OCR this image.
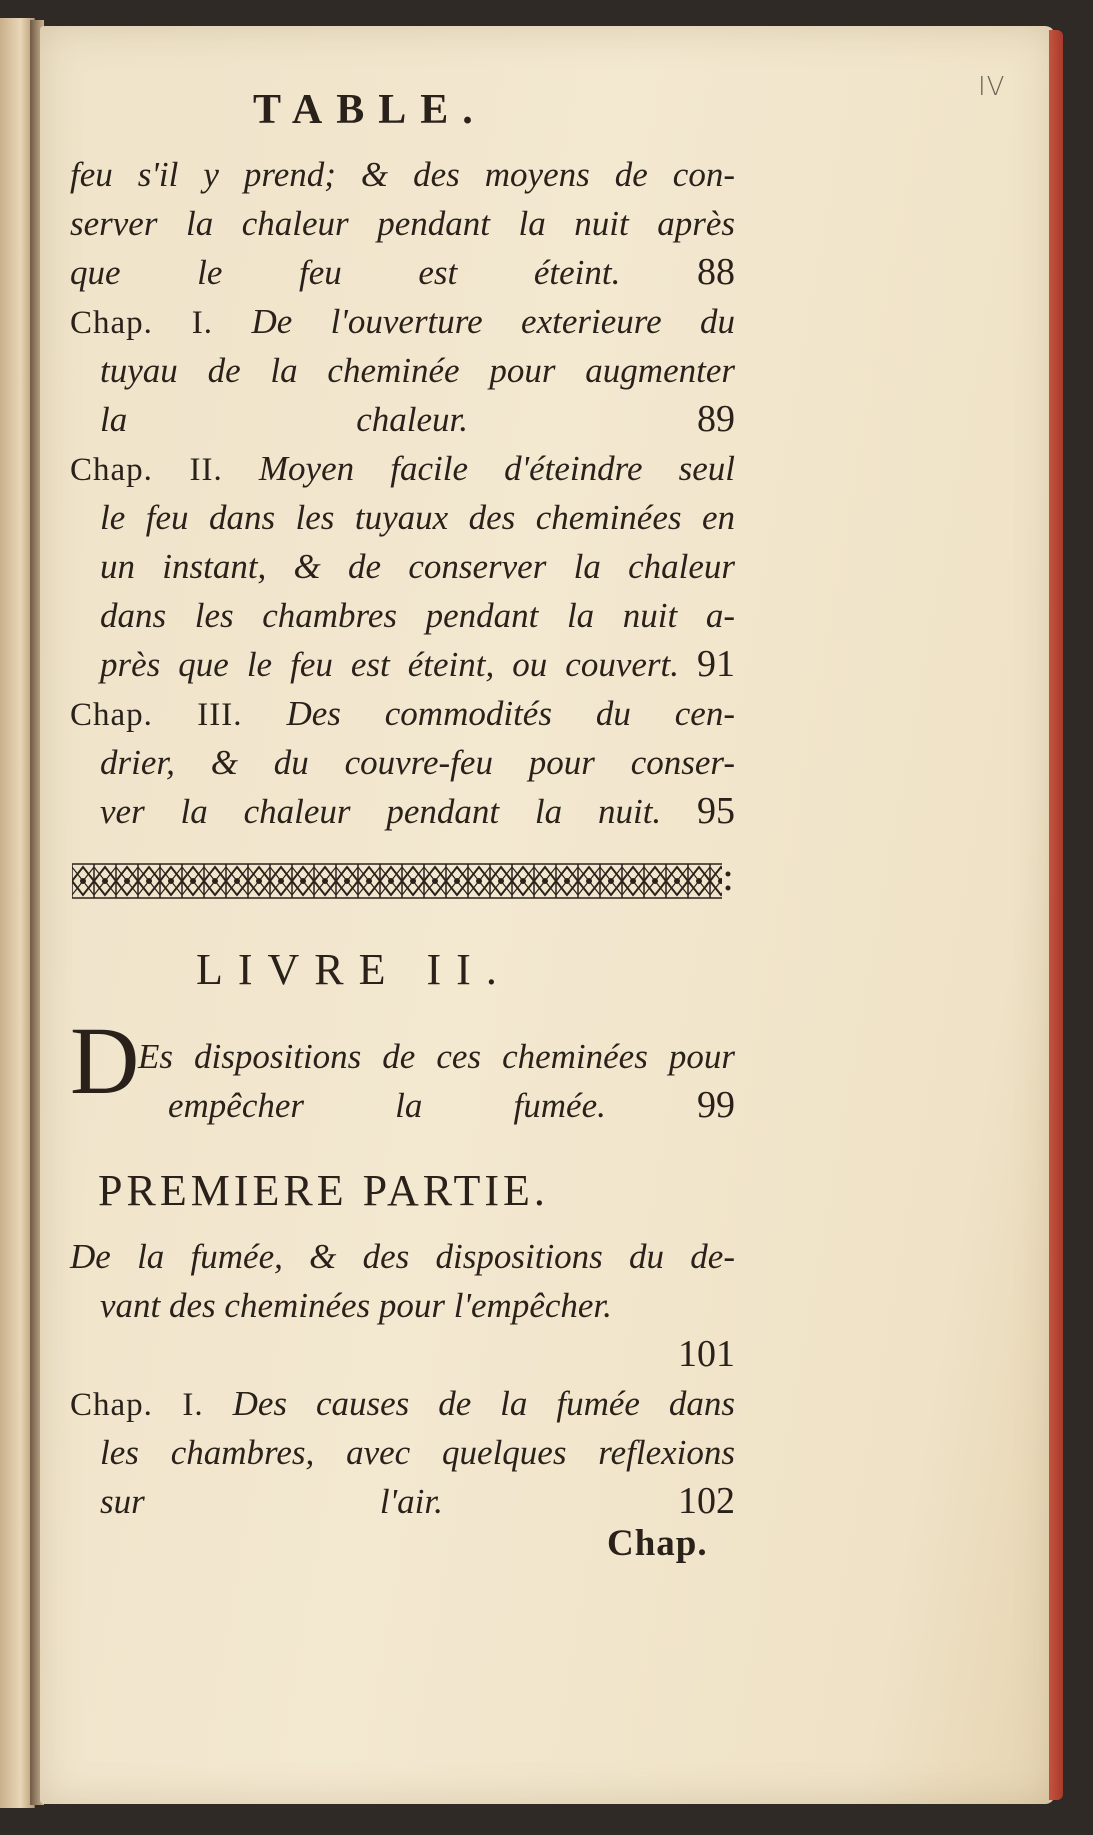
IV
TABLE.
feu s'il y prend; & des moyens de con-
server la chaleur pendant la nuit après
que le feu est éteint. 88
Chap. I. De l'ouverture exterieure du
tuyau de la cheminée pour augmenter
la chaleur.	89
Chap. II. Moyen facile d'éteindre seul
le feu dans les tuyaux des cheminées en
un instant, & de conserver la chaleur
dans les chambres pendant la nuit a-
près que le feu est éteint, ou couvert. 91
Chap. III. Des commodités du cen-
drier, & du couvre-feu pour conser-
ver la chaleur pendant la nuit. 95
LIVRE II.
D
Es dispositions de ces cheminées pour
empêcher la fumée. 99
PREMIERE PARTIE.
De la fumée, & des dispositions du de-
vant des cheminées pour l'empêcher.
101
Chap. I. Des causes de la fumée dans
les chambres, avec quelques reflexions
sur l'air.	102
Chap.
